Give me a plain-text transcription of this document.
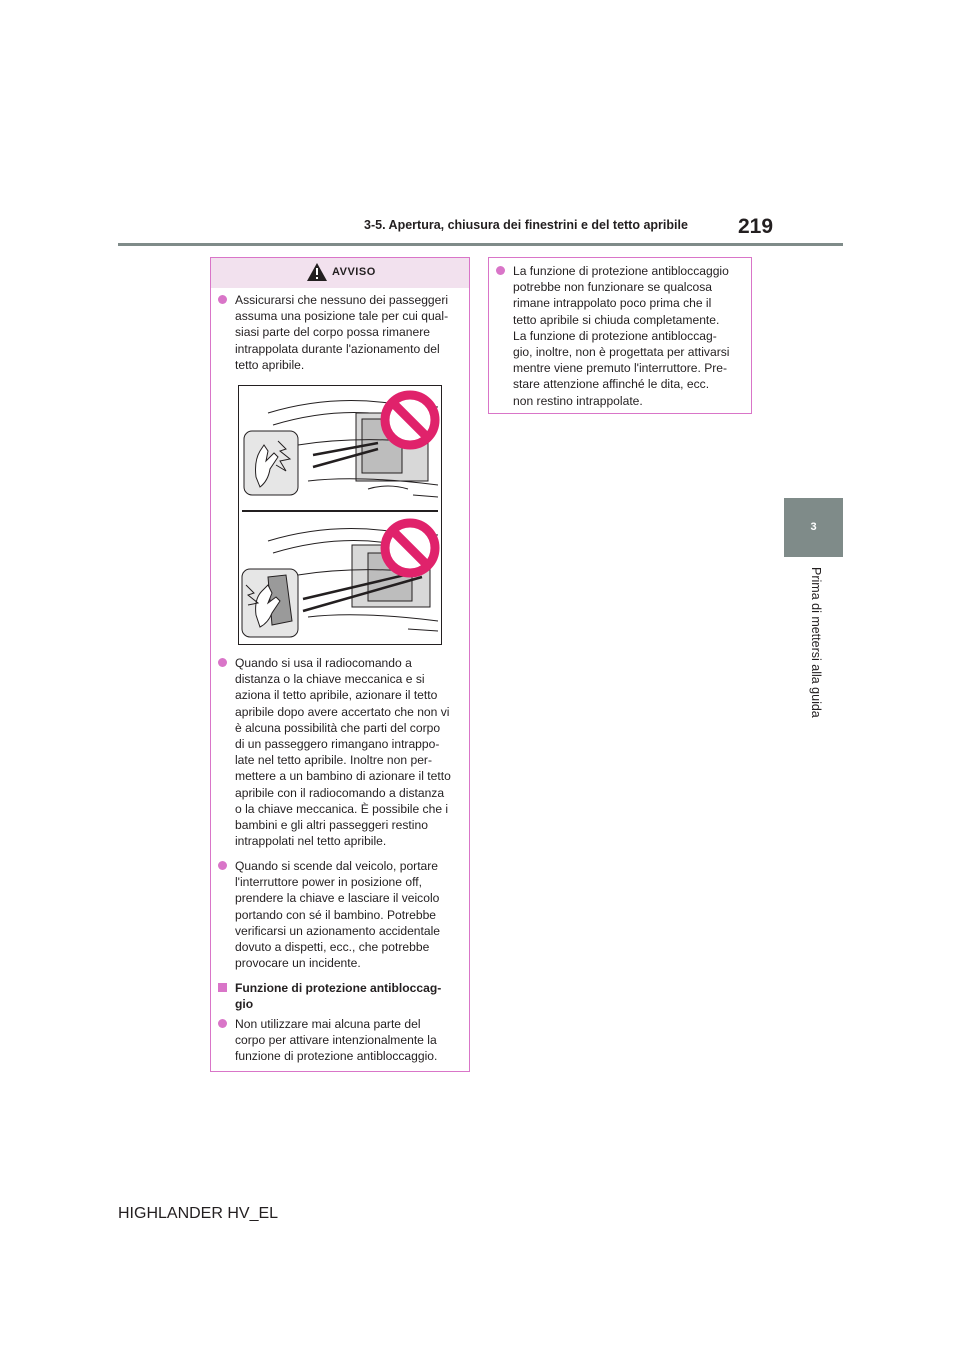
3-5. Apertura, chiusura dei finestrini e del tetto apribile	219
3
Prima di mettersi alla guida
AVVISO
Assicurarsi che nessuno dei passeggeri
assuma una posizione tale per cui qual-
siasi parte del corpo possa rimanere
intrappolata durante l'azionamento del
tetto apribile.
Quando si usa il radiocomando a
distanza o la chiave meccanica e si
aziona il tetto apribile, azionare il tetto
apribile dopo avere accertato che non vi
è alcuna possibilità che parti del corpo
di un passeggero rimangano intrappo-
late nel tetto apribile. Inoltre non per-
mettere a un bambino di azionare il tetto
apribile con il radiocomando a distanza
o la chiave meccanica. È possibile che i
bambini e gli altri passeggeri restino
intrappolati nel tetto apribile.
Quando si scende dal veicolo, portare
l'interruttore power in posizione off,
prendere la chiave e lasciare il veicolo
portando con sé il bambino. Potrebbe
verificarsi un azionamento accidentale
dovuto a dispetti, ecc., che potrebbe
provocare un incidente.
Funzione di protezione antibloccag-
gio
Non utilizzare mai alcuna parte del
corpo per attivare intenzionalmente la
funzione di protezione antibloccaggio.
La funzione di protezione antibloccaggio
potrebbe non funzionare se qualcosa
rimane intrappolato poco prima che il
tetto apribile si chiuda completamente.
La funzione di protezione antibloccag-
gio, inoltre, non è progettata per attivarsi
mentre viene premuto l'interruttore. Pre-
stare attenzione affinché le dita, ecc.
non restino intrappolate.
HIGHLANDER HV_EL
